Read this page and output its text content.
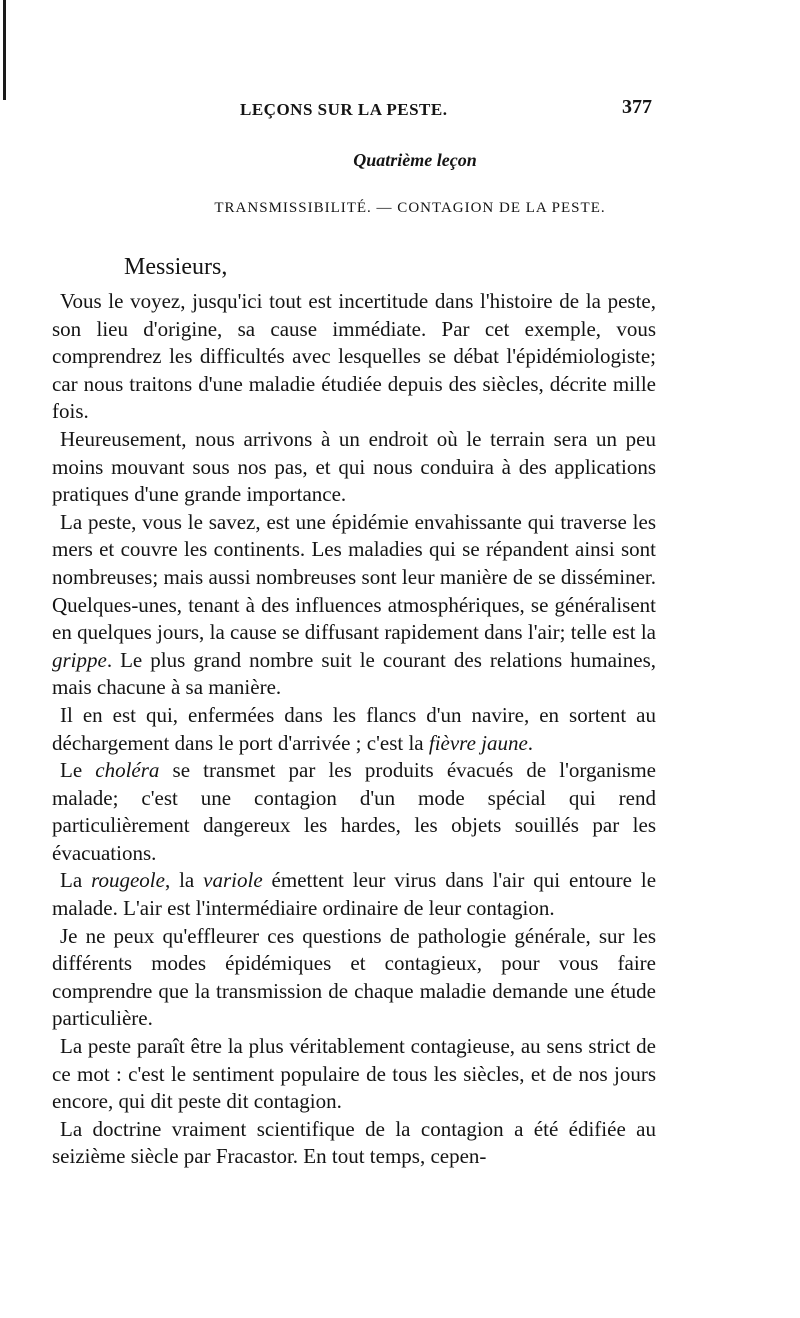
LEÇONS SUR LA PESTE.	377
Quatrième leçon
TRANSMISSIBILITÉ. — CONTAGION DE LA PESTE.
Messieurs,

Vous le voyez, jusqu'ici tout est incertitude dans l'histoire de la peste, son lieu d'origine, sa cause immédiate. Par cet exemple, vous comprendrez les difficultés avec lesquelles se débat l'épidémiologiste; car nous traitons d'une maladie étudiée depuis des siècles, décrite mille fois.

Heureusement, nous arrivons à un endroit où le terrain sera un peu moins mouvant sous nos pas, et qui nous conduira à des applications pratiques d'une grande importance.

La peste, vous le savez, est une épidémie envahissante qui traverse les mers et couvre les continents. Les maladies qui se répandent ainsi sont nombreuses; mais aussi nombreuses sont leur manière de se disséminer. Quelques-unes, tenant à des influences atmosphériques, se généralisent en quelques jours, la cause se diffusant rapidement dans l'air; telle est la grippe. Le plus grand nombre suit le courant des relations humaines, mais chacune à sa manière.

Il en est qui, enfermées dans les flancs d'un navire, en sortent au déchargement dans le port d'arrivée ; c'est la fièvre jaune.

Le choléra se transmet par les produits évacués de l'organisme malade; c'est une contagion d'un mode spécial qui rend particulièrement dangereux les hardes, les objets souillés par les évacuations.

La rougeole, la variole émettent leur virus dans l'air qui entoure le malade. L'air est l'intermédiaire ordinaire de leur contagion.

Je ne peux qu'effleurer ces questions de pathologie générale, sur les différents modes épidémiques et contagieux, pour vous faire comprendre que la transmission de chaque maladie demande une étude particulière.

La peste paraît être la plus véritablement contagieuse, au sens strict de ce mot : c'est le sentiment populaire de tous les siècles, et de nos jours encore, qui dit peste dit contagion.

La doctrine vraiment scientifique de la contagion a été édifiée au seizième siècle par Fracastor. En tout temps, cepen-
